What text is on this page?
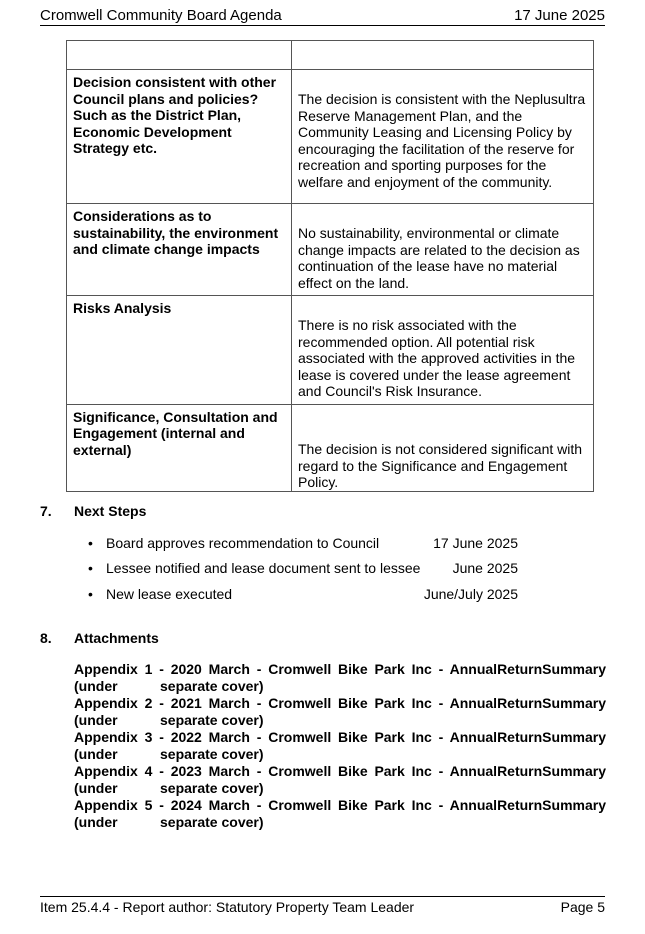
Cromwell Community Board Agenda	17 June 2025

Decision consistent with other Council plans and policies? Such as the District Plan, Economic Development Strategy etc.	The decision is consistent with the Neplusultra Reserve Management Plan, and the Community Leasing and Licensing Policy by encouraging the facilitation of the reserve for recreation and sporting purposes for the welfare and enjoyment of the community.

Considerations as to sustainability, the environment and climate change impacts	No sustainability, environmental or climate change impacts are related to the decision as continuation of the lease have no material effect on the land.

Risks Analysis	There is no risk associated with the recommended option. All potential risk associated with the approved activities in the lease is covered under the lease agreement and Council's Risk Insurance.

Significance, Consultation and Engagement (internal and external)	The decision is not considered significant with regard to the Significance and Engagement Policy.
7. Next Steps
• Board approves recommendation to Council	17 June 2025
• Lessee notified and lease document sent to lessee June 2025
• New lease executed	June/July 2025
8. Attachments
Appendix 1 - 2020 March - Cromwell Bike Park Inc - AnnualReturnSummary (under	separate cover)
Appendix 2 - 2021 March - Cromwell Bike Park Inc - AnnualReturnSummary (under	separate cover)
Appendix 3 - 2022 March - Cromwell Bike Park Inc - AnnualReturnSummary (under	separate cover)
Appendix 4 - 2023 March - Cromwell Bike Park Inc - AnnualReturnSummary (under	separate cover)
Appendix 5 - 2024 March - Cromwell Bike Park Inc - AnnualReturnSummary (under	separate cover)
Item 25.4.4 - Report author: Statutory Property Team Leader	Page 5
